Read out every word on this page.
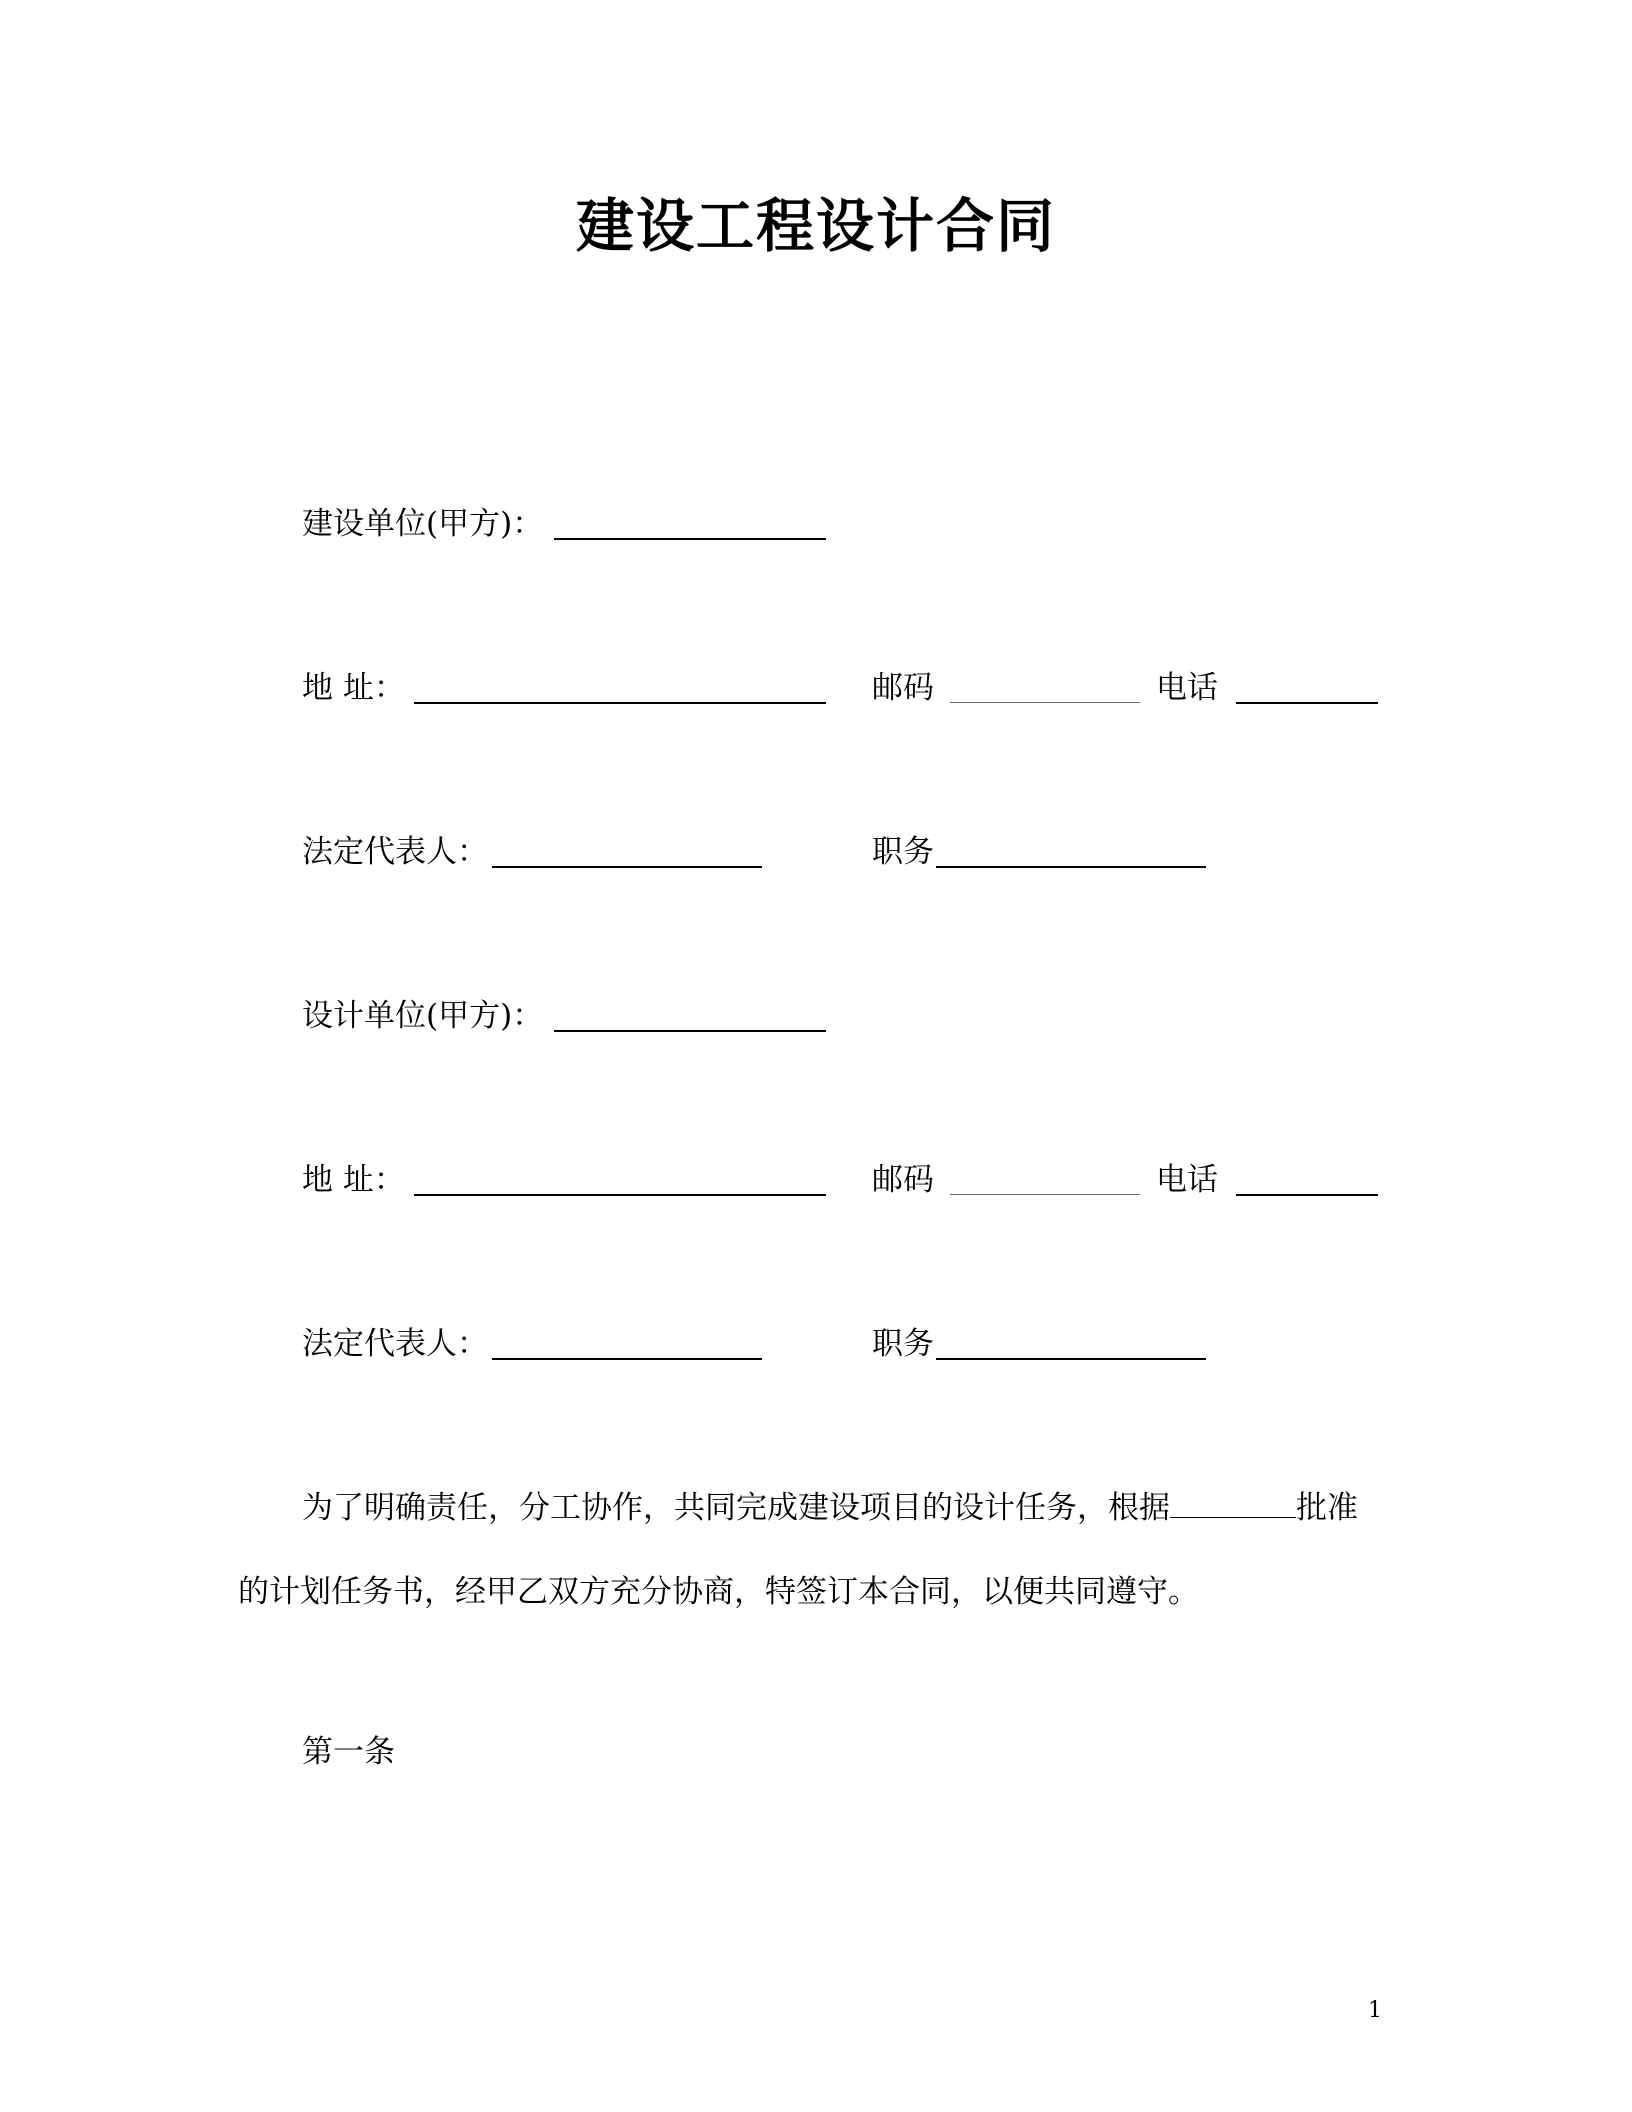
建设工程设计合同
建设单位(甲方)：
地 址：	邮码	电话
法定代表人：	职务
设计单位(甲方)：
地 址：	邮码	电话
法定代表人：	职务
为了明确责任，分工协作，共同完成建设项目的设计任务，根据	批准
的计划任务书，经甲乙双方充分协商，特签订本合同，以便共同遵守。
第一条
1
